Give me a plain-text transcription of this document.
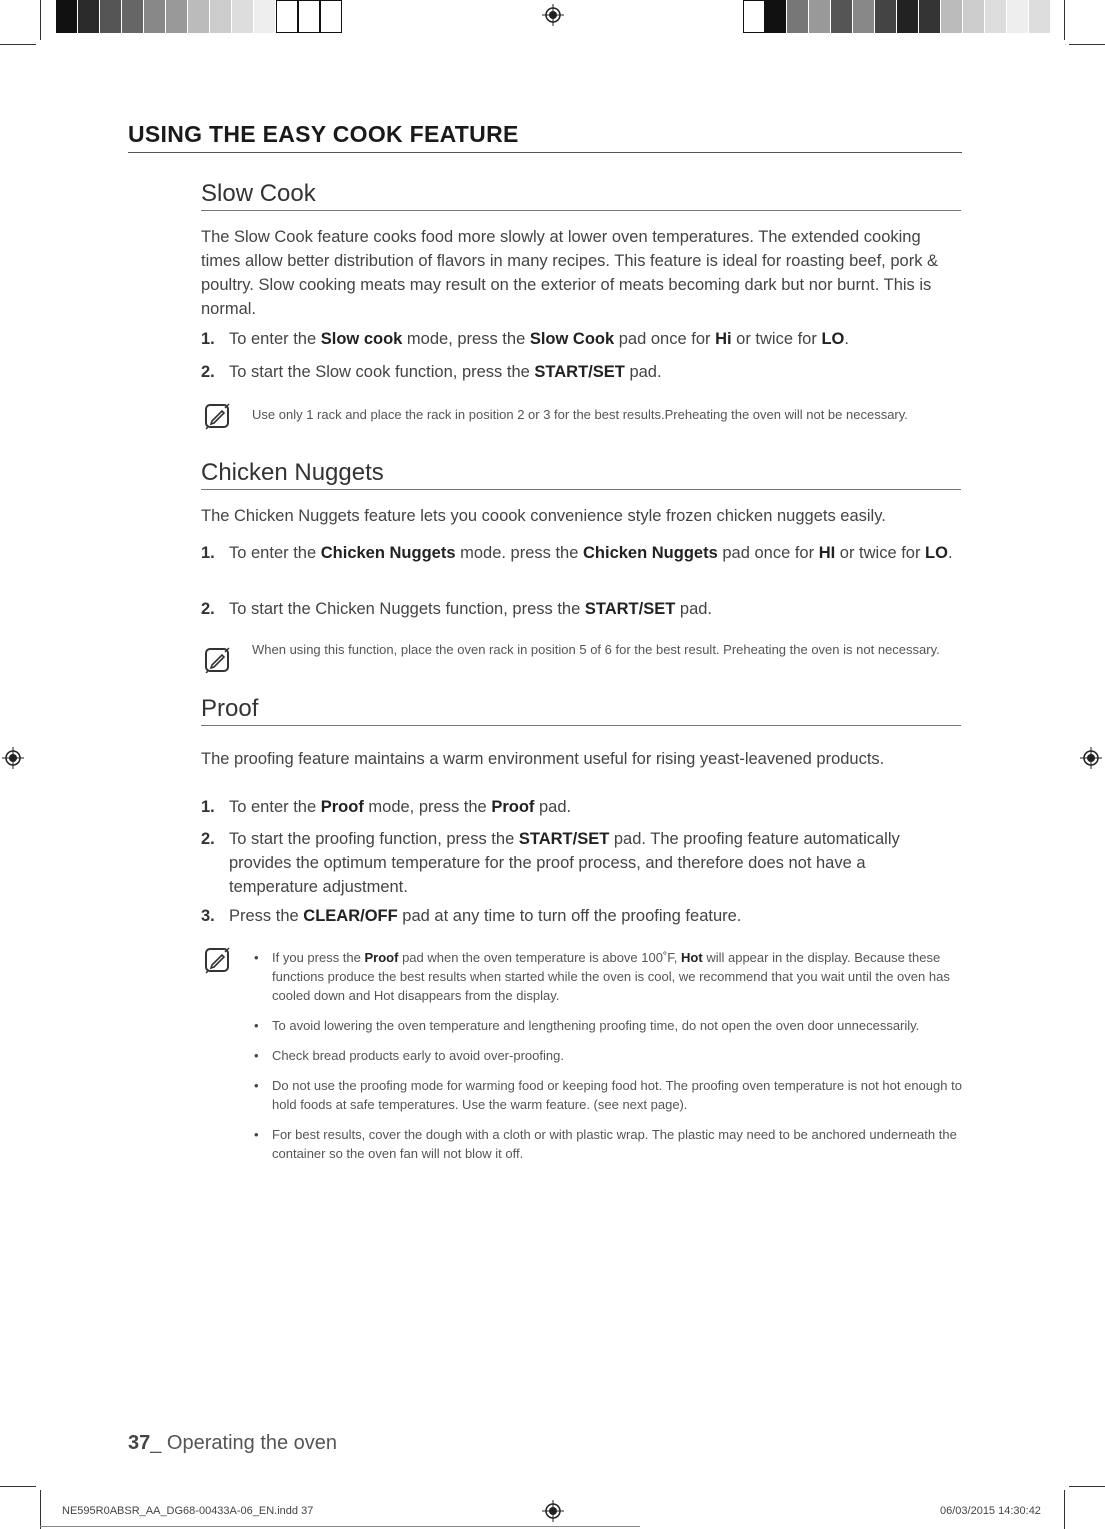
USING THE EASY COOK FEATURE
Slow Cook

The Slow Cook feature cooks food more slowly at lower oven temperatures. The extended cooking times allow better distribution of flavors in many recipes. This feature is ideal for roasting beef, pork & poultry. Slow cooking meats may result on the exterior of meats becoming dark but nor burnt. This is normal.

1. To enter the Slow cook mode, press the Slow Cook pad once for Hi or twice for LO.
2. To start the Slow cook function, press the START/SET pad.

Use only 1 rack and place the rack in position 2 or 3 for the best results.Preheating the oven will not be necessary.

Chicken Nuggets

The Chicken Nuggets feature lets you coook convenience style frozen chicken nuggets easily.

1. To enter the Chicken Nuggets mode. press the Chicken Nuggets pad once for HI or twice for LO.
2. To start the Chicken Nuggets function, press the START/SET pad.

When using this function, place the oven rack in position 5 of 6 for the best result. Preheating the oven is not necessary.

Proof

The proofing feature maintains a warm environment useful for rising yeast-leavened products.

1. To enter the Proof mode, press the Proof pad.
2. To start the proofing function, press the START/SET pad. The proofing feature automatically provides the optimum temperature for the proof process, and therefore does not have a temperature adjustment.
3. Press the CLEAR/OFF pad at any time to turn off the proofing feature.
• If you press the Proof pad when the oven temperature is above 100˚F, Hot will appear in the display. Because these functions produce the best results when started while the oven is cool, we recommend that you wait until the oven has cooled down and Hot disappears from the display.
• To avoid lowering the oven temperature and lengthening proofing time, do not open the oven door unnecessarily.
• Check bread products early to avoid over-proofing.
• Do not use the proofing mode for warming food or keeping food hot. The proofing oven temperature is not hot enough to hold foods at safe temperatures. Use the warm feature. (see next page).
• For best results, cover the dough with a cloth or with plastic wrap. The plastic may need to be anchored underneath the container so the oven fan will not blow it off.
37_ Operating the oven
NE595R0ABSR_AA_DG68-00433A-06_EN.indd 37	06/03/2015 14:30:42
